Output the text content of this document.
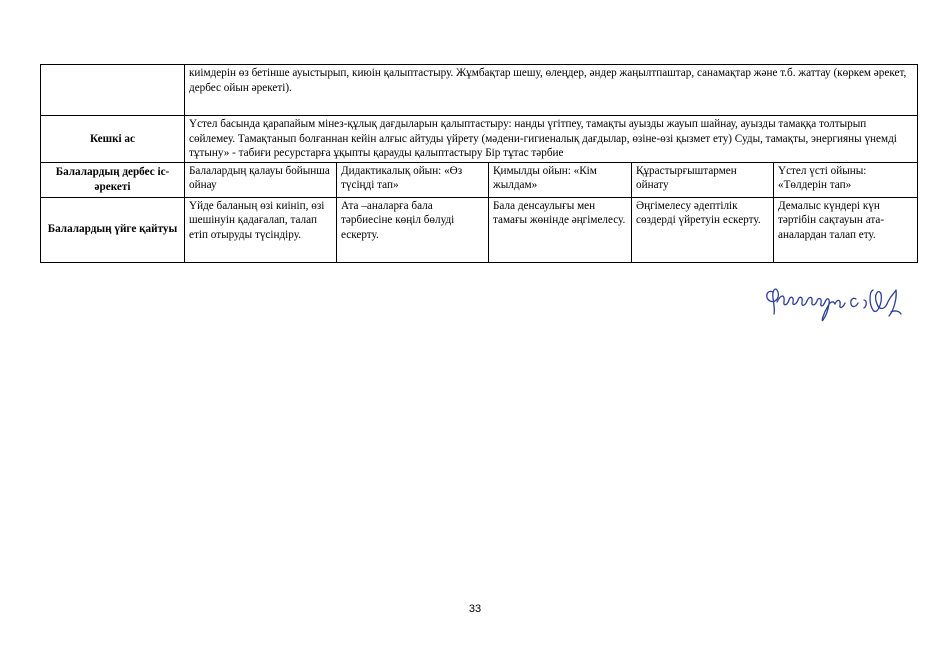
	киімдерін өз бетінше ауыстырып, киюін қалыптастыру. Жұмбақтар шешу, өлеңдер, әндер жаңылтпаштар, санамақтар және т.б. жаттау (көркем әрекет, дербес ойын әрекеті).				
Кешкі ас	Үстел басында қарапайым мінез-құлық дағдыларын қалыптастыру: нанды үгітпеу, тамақты ауызды жауып шайнау, ауызды тамаққа толтырып сөйлемеу. Тамақтанып болғаннан кейін алғыс айтуды үйрету (мәдени-гигиеналық дағдылар, өзіне-өзі қызмет ету) Суды, тамақты, энергияны үнемді тұтыну» - табиғи ресурстарға ұқыпты қарауды қалыптастыру Бір тұтас тәрбие				
Балалардың дербес іс-әрекеті	Балалардың қалауы бойынша ойнау	Дидактикалық ойын: «Өз түсіңді тап»	Қимылды ойын: «Кім жылдам»	Құрастырғыштармен ойнату	Үстел үсті ойыны: «Төлдерін тап»
Балалардың үйге қайтуы	Үйде баланың өзі киініп, өзі шешінуін қадағалап, талап етіп отыруды түсіндіру.	Ата –аналарға бала тәрбиесіне көңіл бөлуді ескерту.	Бала денсаулығы мен тамағы жөнінде әңгімелесу.	Әңгімелесу әдептілік сөздерді үйретуін ескерту.	Демалыс күндері күн тәртібін сақтауын ата-аналардан талап ету.
33
